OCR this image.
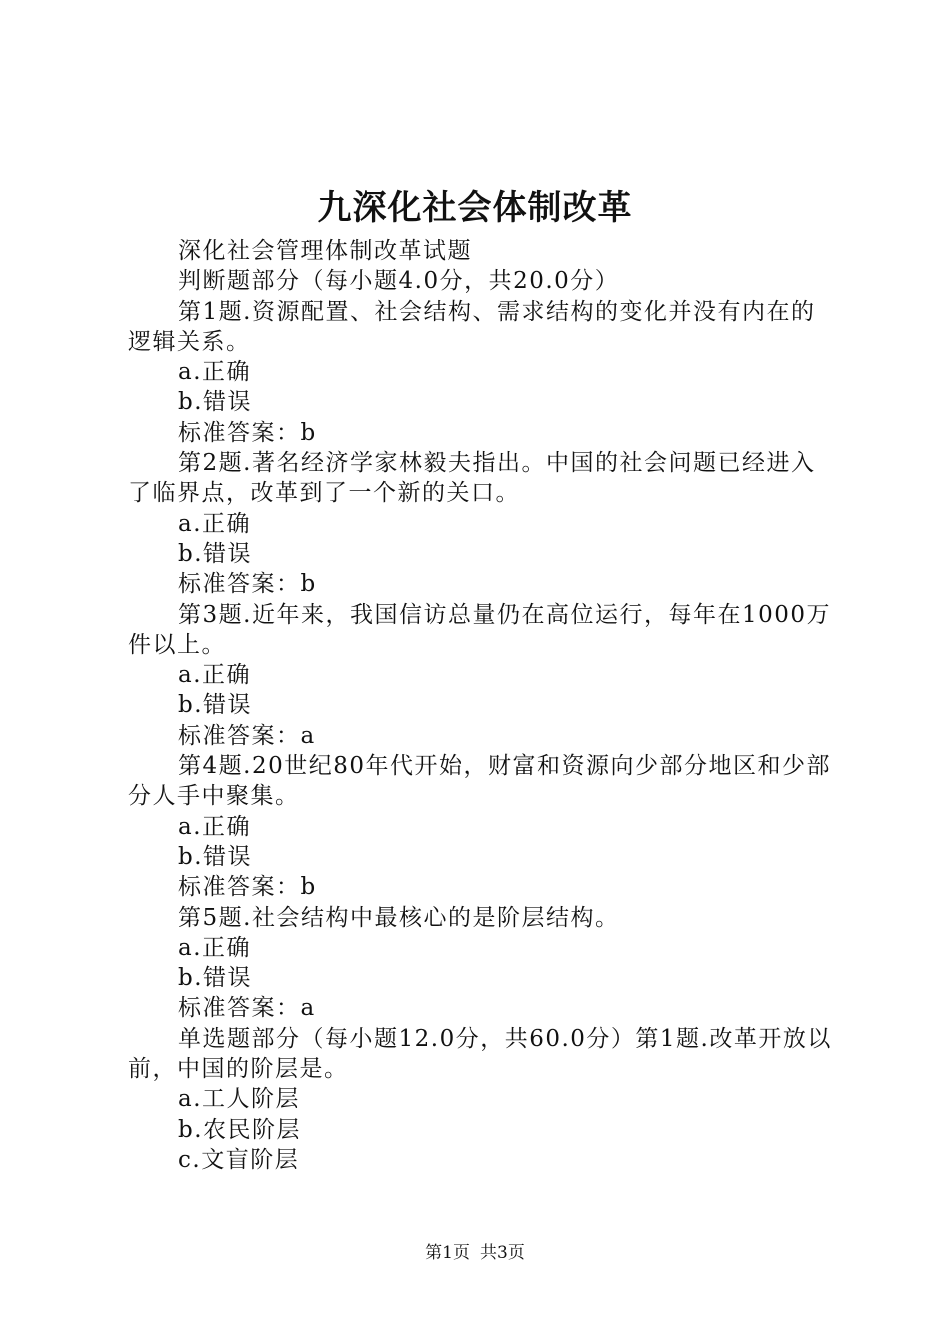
九深化社会体制改革

深化社会管理体制改革试题

判断题部分（每小题4.0分，共20.0分）

第1题.资源配置、社会结构、需求结构的变化并没有内在的逻辑关系。

a.正确

b.错误

标准答案：b

第2题.著名经济学家林毅夫指出。中国的社会问题已经进入了临界点，改革到了一个新的关口。

a.正确

b.错误

标准答案：b

第3题.近年来，我国信访总量仍在高位运行，每年在1000万件以上。

a.正确

b.错误

标准答案：a

第4题.20世纪80年代开始，财富和资源向少部分地区和少部分人手中聚集。

a.正确

b.错误

标准答案：b

第5题.社会结构中最核心的是阶层结构。

a.正确

b.错误

标准答案：a

单选题部分（每小题12.0分，共60.0分）第1题.改革开放以前，中国的阶层是。

a.工人阶层

b.农民阶层

c.文盲阶层

第1页 共3页
